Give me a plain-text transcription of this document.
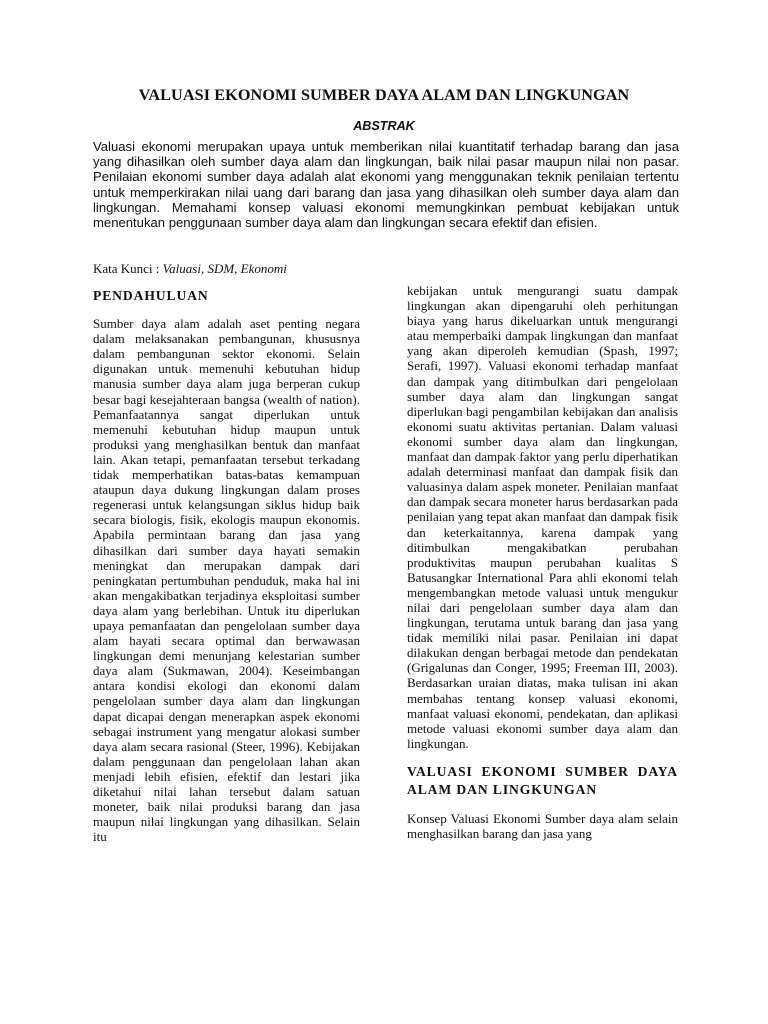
VALUASI EKONOMI SUMBER DAYA ALAM DAN LINGKUNGAN
ABSTRAK

Valuasi ekonomi merupakan upaya untuk memberikan nilai kuantitatif terhadap barang dan jasa yang dihasilkan oleh sumber daya alam dan lingkungan, baik nilai pasar maupun nilai non pasar. Penilaian ekonomi sumber daya adalah alat ekonomi yang menggunakan teknik penilaian tertentu untuk memperkirakan nilai uang dari barang dan jasa yang dihasilkan oleh sumber daya alam dan lingkungan. Memahami konsep valuasi ekonomi memungkinkan pembuat kebijakan untuk menentukan penggunaan sumber daya alam dan lingkungan secara efektif dan efisien.

Kata Kunci : Valuasi, SDM, Ekonomi

PENDAHULUAN

Sumber daya alam adalah aset penting negara dalam melaksanakan pembangunan, khususnya dalam pembangunan sektor ekonomi. Selain digunakan untuk memenuhi kebutuhan hidup manusia sumber daya alam juga berperan cukup besar bagi kesejahteraan bangsa (wealth of nation). Pemanfaatannya sangat diperlukan untuk memenuhi kebutuhan hidup maupun untuk produksi yang menghasilkan bentuk dan manfaat lain. Akan tetapi, pemanfaatan tersebut terkadang tidak memperhatikan batas-batas kemampuan ataupun daya dukung lingkungan dalam proses regenerasi untuk kelangsungan siklus hidup baik secara biologis, fisik, ekologis maupun ekonomis. Apabila permintaan barang dan jasa yang dihasilkan dari sumber daya hayati semakin meningkat dan merupakan dampak dari peningkatan pertumbuhan penduduk, maka hal ini akan mengakibatkan terjadinya eksploitasi sumber daya alam yang berlebihan. Untuk itu diperlukan upaya pemanfaatan dan pengelolaan sumber daya alam hayati secara optimal dan berwawasan lingkungan demi menunjang kelestarian sumber daya alam (Sukmawan, 2004). Keseimbangan antara kondisi ekologi dan ekonomi dalam pengelolaan sumber daya alam dan lingkungan dapat dicapai dengan menerapkan aspek ekonomi sebagai instrument yang mengatur alokasi sumber daya alam secara rasional (Steer, 1996). Kebijakan dalam penggunaan dan pengelolaan lahan akan menjadi lebih efisien, efektif dan lestari jika diketahui nilai lahan tersebut dalam satuan moneter, baik nilai produksi barang dan jasa maupun nilai lingkungan yang dihasilkan. Selain itu

kebijakan untuk mengurangi suatu dampak lingkungan akan dipengaruhi oleh perhitungan biaya yang harus dikeluarkan untuk mengurangi atau memperbaiki dampak lingkungan dan manfaat yang akan diperoleh kemudian (Spash, 1997; Serafi, 1997). Valuasi ekonomi terhadap manfaat dan dampak yang ditimbulkan dari pengelolaan sumber daya alam dan lingkungan sangat diperlukan bagi pengambilan kebijakan dan analisis ekonomi suatu aktivitas pertanian. Dalam valuasi ekonomi sumber daya alam dan lingkungan, manfaat dan dampak faktor yang perlu diperhatikan adalah determinasi manfaat dan dampak fisik dan valuasinya dalam aspek moneter. Penilaian manfaat dan dampak secara moneter harus berdasarkan pada penilaian yang tepat akan manfaat dan dampak fisik dan keterkaitannya, karena dampak yang ditimbulkan mengakibatkan perubahan produktivitas maupun perubahan kualitas S Batusangkar International Para ahli ekonomi telah mengembangkan metode valuasi untuk mengukur nilai dari pengelolaan sumber daya alam dan lingkungan, terutama untuk barang dan jasa yang tidak memiliki nilai pasar. Penilaian ini dapat dilakukan dengan berbagai metode dan pendekatan (Grigalunas dan Conger, 1995; Freeman III, 2003). Berdasarkan uraian diatas, maka tulisan ini akan membahas tentang konsep valuasi ekonomi, manfaat valuasi ekonomi, pendekatan, dan aplikasi metode valuasi ekonomi sumber daya alam dan lingkungan.

VALUASI EKONOMI SUMBER DAYA ALAM DAN LINGKUNGAN

Konsep Valuasi Ekonomi Sumber daya alam selain menghasilkan barang dan jasa yang
